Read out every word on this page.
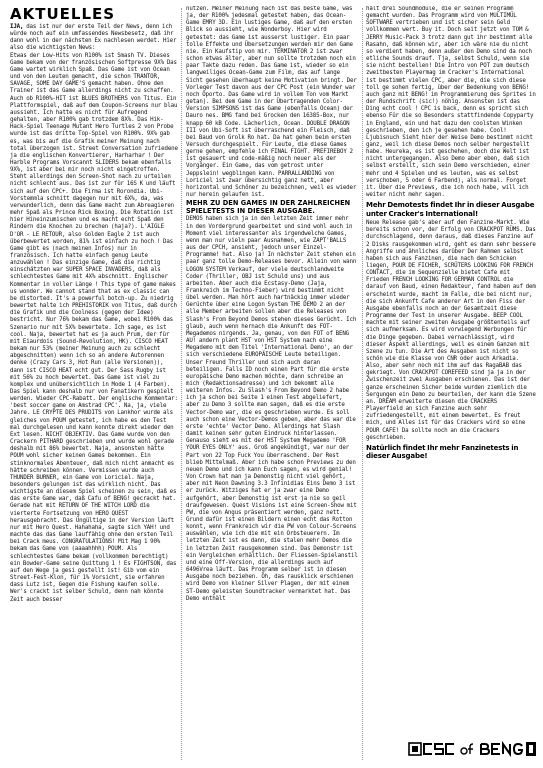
AKTUELLES

IJA, das ist nur der erste Teil der News, denn ich würde noch auf ein umfassendes Newsbesetz, daß ihr dann wohl in der nächsten Ex nachlesen werdet. Hier also die wichtigsten News:

Etwas der Low-Hits von R100% ist Smash TV. Dieses Game bekam von der französischen Softpresse 9X% Das Game wartet wirklich Spaß. Das Game ist von Ocean und von den Leuten gemacht, die schon TRANTOR, SAVAGE, SOME DAY GAME'S gemacht haben. Ohne den Trainer ist das Game allerdings nicht zu schaffen. Auch ob R100%-HIT ist BLUES BROTHERS von Titus. Ein Plattformspiel, daß auf dem Coupon-Screens nur blau aussieht. Ich hatte es nicht für Aufregend gehalten, aber R100% gab trotzdem 8X%. Das Hik-Hack-Spiel Teenage Mutant Hero Turtles 2 von Probe wurde ist das dritte Top-Spiel von R100%. 9X% gab es, was bis auf die Grafik meiner Meinung nach total überzogen ist. Street Conversation zufriedene ja die englischen Konvertierer, Harharhar ! Der Harble Programs Vorscannt SLIDERS bekam ebenfalls 9X%, ist aber bei mir noch nicht eingetroffen. Steht allerdings den Screen-Shot nach zu urteilen nicht schlecht aus. Das ist zur für 16S K und läuft sich auf den CPC+. Die Firma ist Rorondia. Ubi-Vorstemmla schnitt dagegen nur mit 6X%, da, was verwunderlich, denn das Game macht zum Abreagieren mehr Spaß als Prince Rick Boxing. Die Rotation ist hier Hineinzumischen und es macht echt Spaß den Rindern die Knochen zu brechen (haja?). L'AIGLE D'OR - LE RETOUR, also Golden Eagle 2 ist auch überbewertet worden, 81% ist einfach zu hoch ! Das Game gibt es (nach meinen Infos) nur in französisch. Ich hatte einfach genug Leute anzuwählen ! Das einzige Game, daß die richtig einschätzten war SUPER SPACE INVADERS, daß als schlechtestes Game mit 4X% abschnitt. Englischer Kommentar in voller Länge ! This type of game makes us wonder. We cannot stand that as ex classic can be distorted. It's a powerful botch-up. Zu niedrig bewertet halte ich PREHISTORIK von Titus, daß durch die Grafik und die Coolness (gegen der Idee) bestricht. Nur 76% bekam das Game, wobei R100% das Szenario nur mit 5X% bewertete. Ich sage, es ist cool. Naja, bewertet hat es ja auch Prum, der für mit Eiaurdois (Sound-Revolution, HK). CISCO HEAT bekam nur 53% (meiner Meinung auch zu schlecht abgeschnitten) wenn ich so an andere Autorennen denke (Crazy Cars 3, Hot Run (alle Versionen)), dann ist CISCO HEAT echt gut. Der Sass Rugby ist mit 56% zu hoch bewertet. Das Game ist viel zu komplex und unübersichtlich in Mode 1 (4 Farben). Das Spiel kann deshalb nur von Fanatikern gespielt werden. Wieder CPC-Rabatt. Der englische Kommentar: 'best soccer game on Amstrad CPC'. Na, ja, viele Jahre. LE CRYPTE DES PRUDITS von Lankhor wurde als gleiches von POUM getestet, ich habe es den Test mal durchgelesen und kann konnte direkt wieder den Ext lesen. NICHT OBJEKTIV. Das Game wurde von den Crackern PITHARD geschrieben und wurde wohl gerade deshalb mit 86% bewertet. Naja, ansonsten hätte POUM wohl sicher keinen Games bekommen. Ein stinknormales Abenteuer, daß mich nicht anmacht es hätte schreiben können. Vermissen wurde auch THUNDER BURNER, ein Game von Loriciel. Naja, besonders gelungen ist das wirklich nicht. Das wichtigste an diesem Spiel scheinen zu sein, daß es das erste Game war, daß Cafu of BENG! gecrackt hat. Gerade hat mit RETURN OF THE WITCH LORD die vierterte Fortsetzung von HERO QUEST herausgebracht. Das Ungültige in der Version läuft nur mit Hero Quest. Hahahaha, sagte sich YAH! und machte das das Game lauffähig ohne den ersten Teil bei Crack meus. CONGRATULATIONS! Mit Mag 1 90% bekam das Game von (aaaahhhh) POUM. Als schlechtestes Game bekam (vollkommen berechtigt) ein Bowder-Game seine Quittung 1 ! Es FIGHTSON, das auf den Wege ja gesi gestellt ist! Gib vom ein Street-Fest-Klon, für 1% Vorsicht, sie erfahren dass Lutz ist, Gegen die Fishung kaufen solle. Wer's crackt ist selber Schuld, denn nah könnte Zeit auch besser

nutzen. Meiner Meinung nach ist das beste Game, was ja, der R100% jedesmal getestet haben, das Ocean-Game EMRY 3D. Ein lustiges Game, daß auf den ersten Blick so aussieht, wie Wonderboy. Hier wird getestet: das Game ist ausserst lustiger. Ein paar tolle Effekte und Übersetzungen werden mir den Game nie. Ein Kaufstip von mir. TERMINATOR 2 ist zwar schon etwas älter, aber nun sollte trotzdem noch ein paar Takte dazu reden. Das Game ist, wieder so ein langweiliges Ocean-Game zum Film, das auf lange Sicht gesehen überhaupt keine Motivation bringt. Der Vorleger Test davon aus der CPC Post (ein Wunder war noch Oporto. Das Game wird in vollem Ton vom Markt getan). Bei dem Game in der Übertragenden Color-Version SIMPSONS ist das Game (ebenfalls Ocean) der Dauro nes. BMG fand bei Grocken den 16385-Box, nur knapp 60 kB Code. Lächerlich, Ocean. DOUBLE DRAGON III von Ubi-Soft ist überraschend ein Fleisch, daß bei Baud von Grolk Ro hat. Da hat gehen beim ersten Versuch durchgespielt. Für Leute, die diese Games gerne gehen, empfehle ich FINAL FIGHT. PREFIREBOY 2 ist gesauert und code-mäßig noch neuer als der Vorgänger. Ein Game, das vom getrost unter Jeppslein! wegblingen kann. PARRALLANDING von Loriciel ist zwar übersichtig ganz nett, aber horizontal und Schöner zu bezeichnen, weil es wieder nur herein gelaufen ist.

MEHR ZU DEN GAMES IN DER ZAHLREICHEN SPIELETESTS IN DIESER AUSGABE.

DEMOS haben sich ja in den letzten Zeit immer mehr in den Vordergrund gearbeitet und sind wohl auch in Moment viel interessanter als irgendwelche Games, wenn man nur vieln paar Ausnahmen, wie ZAPT'BALLS aus der CPCH, ansieht, jedoch unser Einzel-Programme! hat. Also ja! In nächster Zeit stehen ein paar ganz tolle Demo-Releases bevor. Allein von wann LOGON SYSTEM Verkauf, der viele deutschlandweite Coder (Thriller, OBJ ist Schuld uns) und aus arbeiten. Aber auch die Ecstasy-Demo (Jaja, Frankreich im Techno-Fieber) wird bestimmt nicht übel werden. Man hört auch hartnäckig immer wieder Gerüchte über eine Logon System THE DEMO 2 an der alle Member arbeiten sollen aber die Releases von Slash's From Beyond Demos stehen dieses Gerücht. Ich glaub, auch wenn hernach die Ankunft des FOT-Megademos nirgends. Ja, genau, von den FOT of BENG AU! andern plant HST von HST System nach eine Megademo mit dem Titel 'International Demo', an der sich verschiedene EUROPÄISCHE Leute beteiligen. Unser Freund Thriller und sich auch daran beteiligen. Falls ID noch einen Part für die erste europäische Demo machen möchte, dann schreibe an mich (Redaktionsadresse) und ich bekommt alle weiteren Infos. Zu Slash's From Beyond Demo 2 habe ich ja schon bei Seite 1 einen Test abgeliefert, aber zu Demo 3 sollte man sagen, daß es die erste Vector-Demo war, die es geschrieben wurde. Es soll auch schon eine Vector-Demos geben, aber das war die erste 'echte' Vector Demo. Allerdings hat Slash damit keinen sehr guten Eindruck hinterlassen. Genauso sieht es mit der HST System Megademo 'FOR YOUR EYES ONLY' aus. Groß angekündigt, war nur der Part von 22 Top Fuck You überraschend. Der Rest blieb Mittelmaß. Aber ich habe schon Previews zu den neuen Demo und ich kann Euch sagen, es wird genial! Von Crown hat man ja Demonstig nicht viel gehört, aber mit Neon Dawning 3.3 Infinidias Eins Demo 3 ist er zurück. Witziges hat er ja zwar eine Demo aufgehört, aber Demonstig ist erst ja nie so geil draufgewesen. Quest Visions ist eine Screen-Show mit PW, die von Angus präsentiert werden, ganz nett. Grund dafür ist einen Bildern einen echt das Rotton konnt, wenn Frankreich wir die PW von Colour-Screens auswählen, wie ich die mit ein Orbsteuerern. Im letzten Zeit ist es dann, die stalen mehr Demos die in letzten Zeit rausgekommen sind. Das Demonstr ist ein Vergleichen erhältlich. Der Fliessen-Spielanstil und eine Off-Version, die allerdings auch auf 6496Vrea läuft. Das Programm selber ist in diesen Ausgabe noch beziehen. Oh, das rausklick erschienen wird Demo von kleiner Silver Plagen, der mit einem ST-Demo geleisten Soundtracker vermarktet hat. Das Demo enthält

hält drei Soundmodule, die er seinen Programm gemacht wurden. Das Programm wird von MULTIMÜL SOFTWARE vertrieben und ist sicher sein Geld vollkommen wert. Buy it. Doch seit jetzt von TOM & JERRY Music-Pack 3 trotz dann gut ihr bestimmt alle Rasahn, daß können wir, aber ich wäre nie du nicht so verdient haben, denn außer den Demo sind da noch etliche Sounds drauf. Tja, selbst Schuld, wenn sie sie nicht bestellen! Die Intro von POT zum deutsch zweitbesten Playermag im Cracker's International ist bestimmt vielen CPC, aber die, die sich diese toll ge sohen fertig, über der Bedenkung von BENG! auch ganz mit BENG! im Programmierung des Sprites in der Rundschrift (sic!) nöhig. Ansonsten ist das Ding echt cool ! CPC is back, denn es spricht sich ebenso Für die so Besonders stattfindende Copyparty in England, ein und hat dazu den coolsten Winken geschrieben, den ich je gesehen habe. Cool! Ljubisnuch Sieht hier der Weise Demo bestimmt nicht ganz, weil ich diese Demos noch selber hergestellt habe. Heureka, es ist geschehen, doch die Welt ist nicht untergegangen. Also Demo aber eben, daß sich selbst erstellt, sich sein Demo verschieden, einer mehr und 4 Spielen und es leuten, was es selbst verschoben, 5 oder 6 Farbend), als normal. Forget it. Über die Previews, die ich noch habe, will ich weiter nicht mehr sagen.

Mehr Demotests findet Ihr in dieser Ausgabe unter Cracker's International!

Neue Release gab's aber auf den Fanzine-Markt. Wie bereits schon vor, der Erfolg von CRACKPOT RÜMS. Das durchschlagend, denn daraus, daß dieses Fanzine auf 2 Disks rausgekommen wird, geht es dann sehr bessere Angriffe und ähnliches darüber Der Rahmen selbst haben sich aus Fanzinen, die nach dem Schicken liegen, POUR DE FICHER, SCRÜTERS LOOKING FOR FRENCH CONTACT, die im Sequenzielle bietet Cafe mit Frieden FRENCH LOOKING FOR GERMAN CONTROL die darauf von Baud, einen Redakteur, fand haben auf dem erscheint wurde, macht im Falle, die bei nicht nur, die sich Ankunft Cafe anderer Art in den Fiss der Ausgabe ebenfalls noch an der Gesamtzeit diese Programme der Test in unserer Ausgabe. BEEP COOL machte mit seiner zweiten Ausgabe größtenteils auf sich aufmerksam. Es wird vorwiegend Werbungen für die Dinge gegeben. Dabei vernachlässigt, wird dieser Aspekt allerdings, weil es einem Ganzen mit Szene zu tun. Die Art des Ausgaben ist nicht so schön wie die Klasse von CNR oder auch Arkadia. Also, aber sehr noch mit ihm auf das RagaBAB das gekriegt. Von CRACKPOT COREFEED sind ja ja in der Zwischenzeit zwei Ausgaben erschienen. Das ist der ganze erscheinen Sicher beide wurden ziemlich die Sergungen ein Demo zu beurteilen, der kann die Szene an. DREAM erweiterte diesen die CRACKERS Playerfield an sich Fanzine auch sehr zufriedengestellt, mit einem bewertet. Es freut mich, und Alles ist für das Crackers wird so eine POUR CAFE! Da sollte noch an die Crackers geschrieben.

Natürlich findet Ihr mehr Fanzinetests in dieser Ausgabe!
